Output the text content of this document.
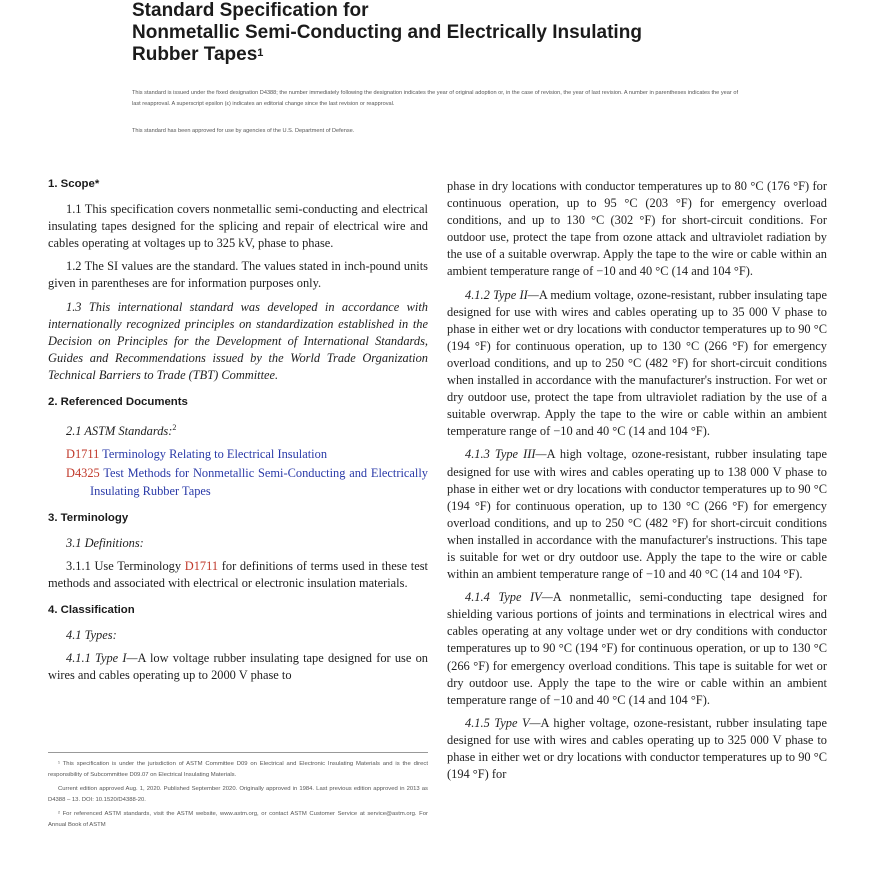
Standard Specification for
Nonmetallic Semi-Conducting and Electrically Insulating
Rubber Tapes$^1$

This standard is issued under the fixed designation D4388; the number immediately following the designation indicates the year of original adoption or, in the case of revision, the year of last revision. A number in parentheses indicates the year of last reapproval. A superscript epsilon (ε) indicates an editorial change since the last revision or reapproval.

This standard has been approved for use by agencies of the U.S. Department of Defense.

1. Scope*

1.1 This specification covers nonmetallic semi-conducting and electrical insulating tapes designed for the splicing and repair of electrical wire and cables operating at voltages up to 325 kV, phase to phase.

1.2 The SI values are the standard. The values stated in inch-pound units given in parentheses are for information purposes only.

1.3 This international standard was developed in accordance with internationally recognized principles on standardization established in the Decision on Principles for the Development of International Standards, Guides and Recommendations issued by the World Trade Organization Technical Barriers to Trade (TBT) Committee.

2. Referenced Documents

2.1 ASTM Standards:$^2$

D1711 Terminology Relating to Electrical Insulation

D4325 Test Methods for Nonmetallic Semi-Conducting and Electrically Insulating Rubber Tapes

3. Terminology

3.1 Definitions:

3.1.1 Use Terminology D1711 for definitions of terms used in these test methods and associated with electrical or electronic insulation materials.

4. Classification

4.1 Types:

4.1.1 Type I—A low voltage rubber insulating tape designed for use on wires and cables operating up to 2000 V phase to

¹ This specification is under the jurisdiction of ASTM Committee D09 on Electrical and Electronic Insulating Materials and is the direct responsibility of Subcommittee D09.07 on Electrical Insulating Materials.

Current edition approved Aug. 1, 2020. Published September 2020. Originally approved in 1984. Last previous edition approved in 2013 as D4388 – 13. DOI: 10.1520/D4388-20.

² For referenced ASTM standards, visit the ASTM website, www.astm.org, or contact ASTM Customer Service at service@astm.org. For Annual Book of ASTM

phase in dry locations with conductor temperatures up to 80 °C (176 °F) for continuous operation, up to 95 °C (203 °F) for emergency overload conditions, and up to 130 °C (302 °F) for short-circuit conditions. For outdoor use, protect the tape from ozone attack and ultraviolet radiation by the use of a suitable overwrap. Apply the tape to the wire or cable within an ambient temperature range of −10 and 40 °C (14 and 104 °F).

4.1.2 Type II—A medium voltage, ozone-resistant, rubber insulating tape designed for use with wires and cables operating up to 35 000 V phase to phase in either wet or dry locations with conductor temperatures up to 90 °C (194 °F) for continuous operation, up to 130 °C (266 °F) for emergency overload conditions, and up to 250 °C (482 °F) for short-circuit conditions when installed in accordance with the manufacturer's instruction. For wet or dry outdoor use, protect the tape from ultraviolet radiation by the use of a suitable overwrap. Apply the tape to the wire or cable within an ambient temperature range of −10 and 40 °C (14 and 104 °F).

4.1.3 Type III—A high voltage, ozone-resistant, rubber insulating tape designed for use with wires and cables operating up to 138 000 V phase to phase in either wet or dry locations with conductor temperatures up to 90 °C (194 °F) for continuous operation, up to 130 °C (266 °F) for emergency overload conditions, and up to 250 °C (482 °F) for short-circuit conditions when installed in accordance with the manufacturer's instructions. This tape is suitable for wet or dry outdoor use. Apply the tape to the wire or cable within an ambient temperature range of −10 and 40 °C (14 and 104 °F).

4.1.4 Type IV—A nonmetallic, semi-conducting tape designed for shielding various portions of joints and terminations in electrical wires and cables operating at any voltage under wet or dry conditions with conductor temperatures up to 90 °C (194 °F) for continuous operation, or up to 130 °C (266 °F) for emergency overload conditions. This tape is suitable for wet or dry outdoor use. Apply the tape to the wire or cable within an ambient temperature range of −10 and 40 °C (14 and 104 °F).

4.1.5 Type V—A higher voltage, ozone-resistant, rubber insulating tape designed for use with wires and cables operating up to 325 000 V phase to phase in either wet or dry locations with conductor temperatures up to 90 °C (194 °F) for
